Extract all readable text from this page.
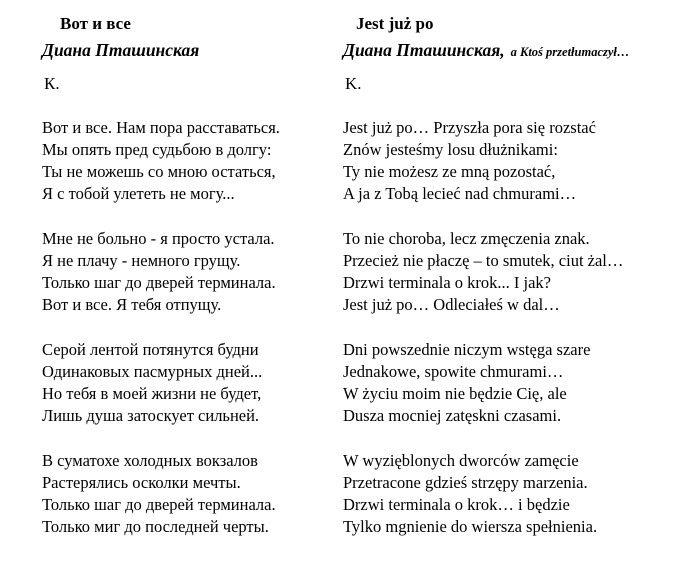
Вот и все
Диана Пташинская
К.
Вот и все. Нам пора расставаться.
Мы опять пред судьбою в долгу:
Ты не можешь со мною остаться,
Я с тобой улететь не могу...
Мне не больно - я просто устала.
Я не плачу - немного грущу.
Только шаг до дверей терминала.
Вот и все. Я тебя отпущу.
Серой лентой потянутся будни
Одинаковых пасмурных дней...
Но тебя в моей жизни не будет,
Лишь душа затоскует сильней.
В суматохе холодных вокзалов
Растерялись осколки мечты.
Только шаг до дверей терминала.
Только миг до последней черты.
Jest już po
Диана Пташинская, a Ktoś przetłumaczył…
K.
Jest już po… Przyszła pora się rozstać
Znów jesteśmy losu dłużnikami:
Ty nie możesz ze mną pozostać,
A ja z Tobą lecieć nad chmurami…
To nie choroba, lecz zmęczenia znak.
Przecież nie płaczę – to smutek, ciut żal…
Drzwi terminala o krok... I jak?
Jest już po… Odleciałeś w dal…
Dni powszednie niczym wstęga szare
Jednakowe, spowite chmurami…
W życiu moim nie będzie Cię, ale
Dusza mocniej zatęskni czasami.
W wyzięblonych dworców zamęcie
Przetracone gdzieś strzępy marzenia.
Drzwi terminala o krok… i będzie
Tylko mgnienie do wiersza spełnienia.
